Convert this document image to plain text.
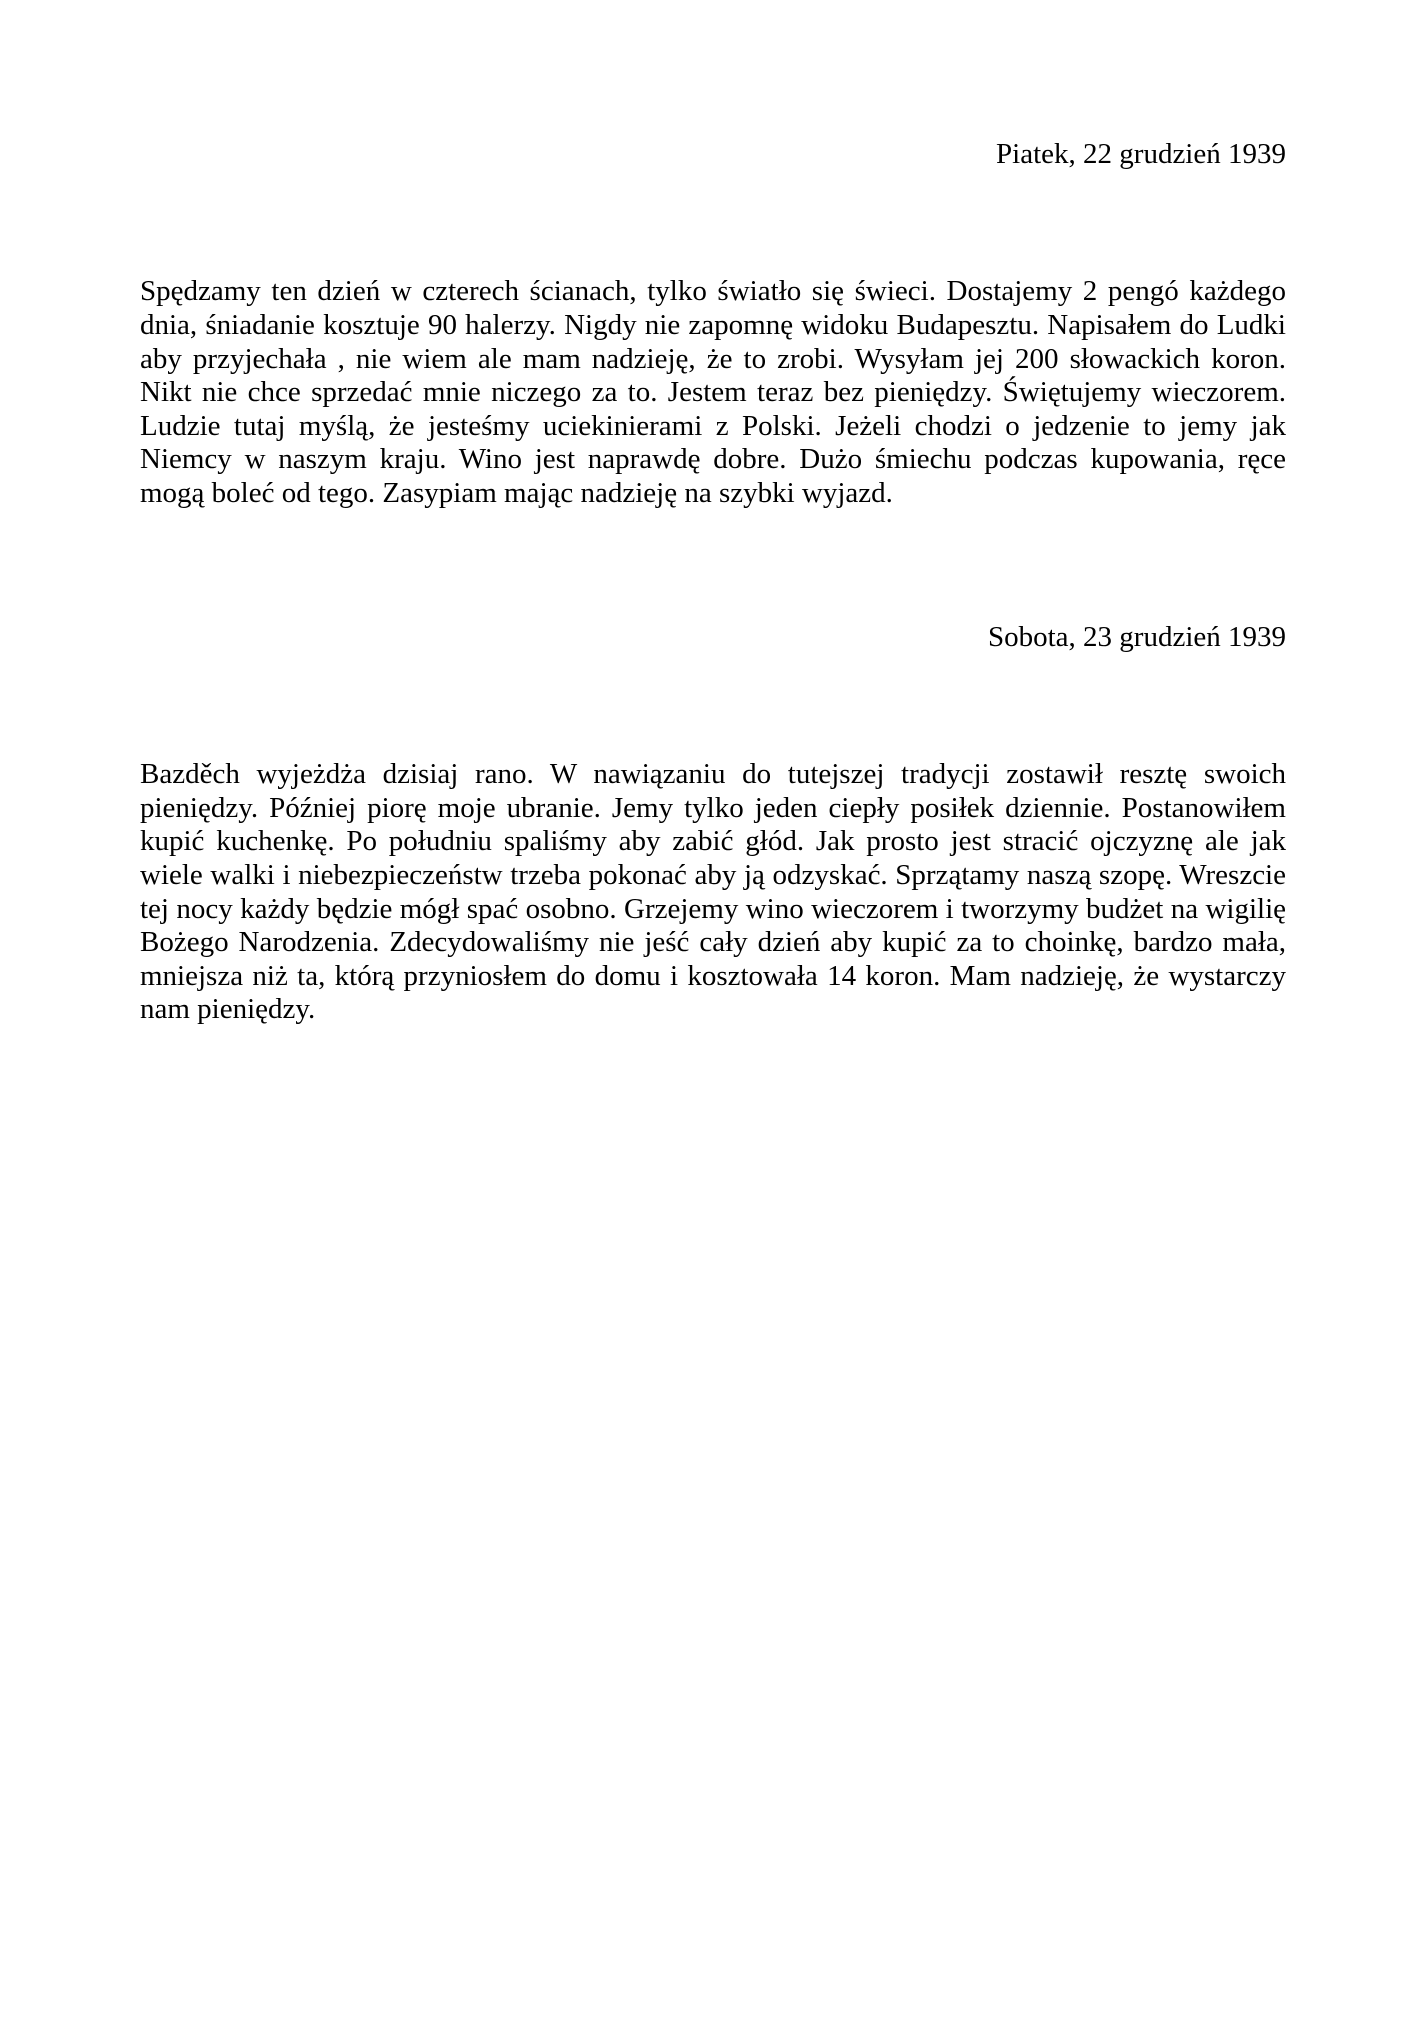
Piatek, 22 grudzień 1939

Spędzamy ten dzień w czterech ścianach, tylko światło się świeci. Dostajemy 2 pengó każdego dnia, śniadanie kosztuje 90 halerzy. Nigdy nie zapomnę widoku Budapesztu. Napisałem do Ludki aby przyjechała , nie wiem ale mam nadzieję, że to zrobi. Wysyłam jej 200 słowackich koron. Nikt nie chce sprzedać mnie niczego za to. Jestem teraz bez pieniędzy. Świętujemy wieczorem. Ludzie tutaj myślą, że jesteśmy uciekinierami z Polski. Jeżeli chodzi o jedzenie to jemy jak Niemcy w naszym kraju. Wino jest naprawdę dobre. Dużo śmiechu podczas kupowania, ręce mogą boleć od tego. Zasypiam mając nadzieję na szybki wyjazd.

Sobota, 23 grudzień 1939

Bazděch wyjeżdża dzisiaj rano. W nawiązaniu do tutejszej tradycji zostawił resztę swoich pieniędzy. Później piorę moje ubranie. Jemy tylko jeden ciepły posiłek dziennie. Postanowiłem kupić kuchenkę. Po południu spaliśmy aby zabić głód. Jak prosto jest stracić ojczyznę ale jak wiele walki i niebezpieczeństw trzeba pokonać aby ją odzyskać. Sprzątamy naszą szopę. Wreszcie tej nocy każdy będzie mógł spać osobno. Grzejemy wino wieczorem i tworzymy budżet na wigilię Bożego Narodzenia. Zdecydowaliśmy nie jeść cały dzień aby kupić za to choinkę, bardzo mała, mniejsza niż ta, którą przyniosłem do domu i kosztowała 14 koron. Mam nadzieję, że wystarczy nam pieniędzy.
